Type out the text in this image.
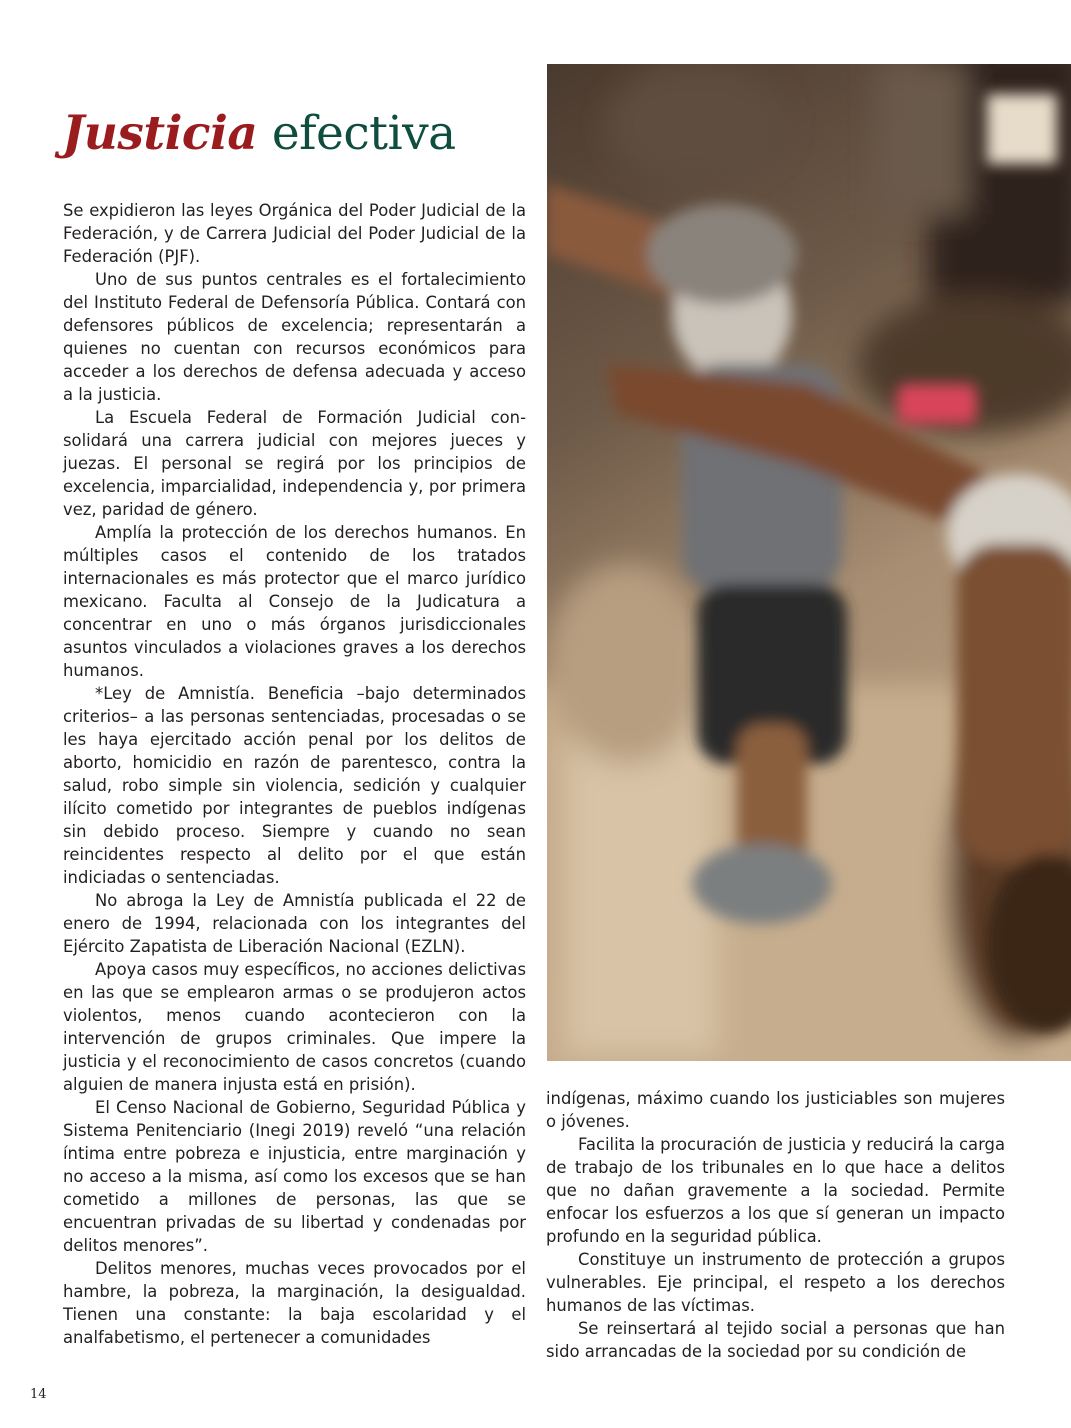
Justicia efectiva

Se expidieron las leyes Orgánica del Poder Judicial de la Federación, y de Carrera Judicial del Poder Judicial de la Federación (PJF).

Uno de sus puntos centrales es el fortalecimiento del Instituto Federal de Defensoría Pública. Contará con defensores públicos de excelencia; representarán a quienes no cuentan con recursos económicos para acceder a los derechos de defensa adecuada y acceso a la justicia.

La Escuela Federal de Formación Judicial consolidará una carrera judicial con mejores jueces y juezas. El personal se regirá por los principios de excelencia, imparcialidad, independencia y, por primera vez, paridad de género.

Amplía la protección de los derechos humanos. En múltiples casos el contenido de los tratados internacionales es más protector que el marco jurídico mexicano. Faculta al Consejo de la Judicatura a concentrar en uno o más órganos jurisdiccionales asuntos vinculados a violaciones graves a los derechos humanos.

*Ley de Amnistía. Beneficia –bajo determinados criterios– a las personas sentenciadas, procesadas o se les haya ejercitado acción penal por los delitos de aborto, homicidio en razón de parentesco, contra la salud, robo simple sin violencia, sedición y cualquier ilícito cometido por integrantes de pueblos indígenas sin debido proceso. Siempre y cuando no sean reincidentes respecto al delito por el que están indiciadas o sentenciadas.

No abroga la Ley de Amnistía publicada el 22 de enero de 1994, relacionada con los integrantes del Ejército Zapatista de Liberación Nacional (EZLN).

Apoya casos muy específicos, no acciones delictivas en las que se emplearon armas o se produjeron actos violentos, menos cuando acontecieron con la intervención de grupos criminales. Que impere la justicia y el reconocimiento de casos concretos (cuando alguien de manera injusta está en prisión).

El Censo Nacional de Gobierno, Seguridad Pública y Sistema Penitenciario (Inegi 2019) reveló “una relación íntima entre pobreza e injusticia, entre marginación y no acceso a la misma, así como los excesos que se han cometido a millones de personas, las que se encuentran privadas de su libertad y condenadas por delitos menores”.

Delitos menores, muchas veces provocados por el hambre, la pobreza, la marginación, la desigualdad. Tienen una constante: la baja escolaridad y el analfabetismo, el pertenecer a comunidades

indígenas, máximo cuando los justiciables son mujeres o jóvenes.

Facilita la procuración de justicia y reducirá la carga de trabajo de los tribunales en lo que hace a delitos que no dañan gravemente a la sociedad. Permite enfocar los esfuerzos a los que sí generan un impacto profundo en la seguridad pública.

Constituye un instrumento de protección a grupos vulnerables. Eje principal, el respeto a los derechos humanos de las víctimas.

Se reinsertará al tejido social a personas que han sido arrancadas de la sociedad por su condición de

14
